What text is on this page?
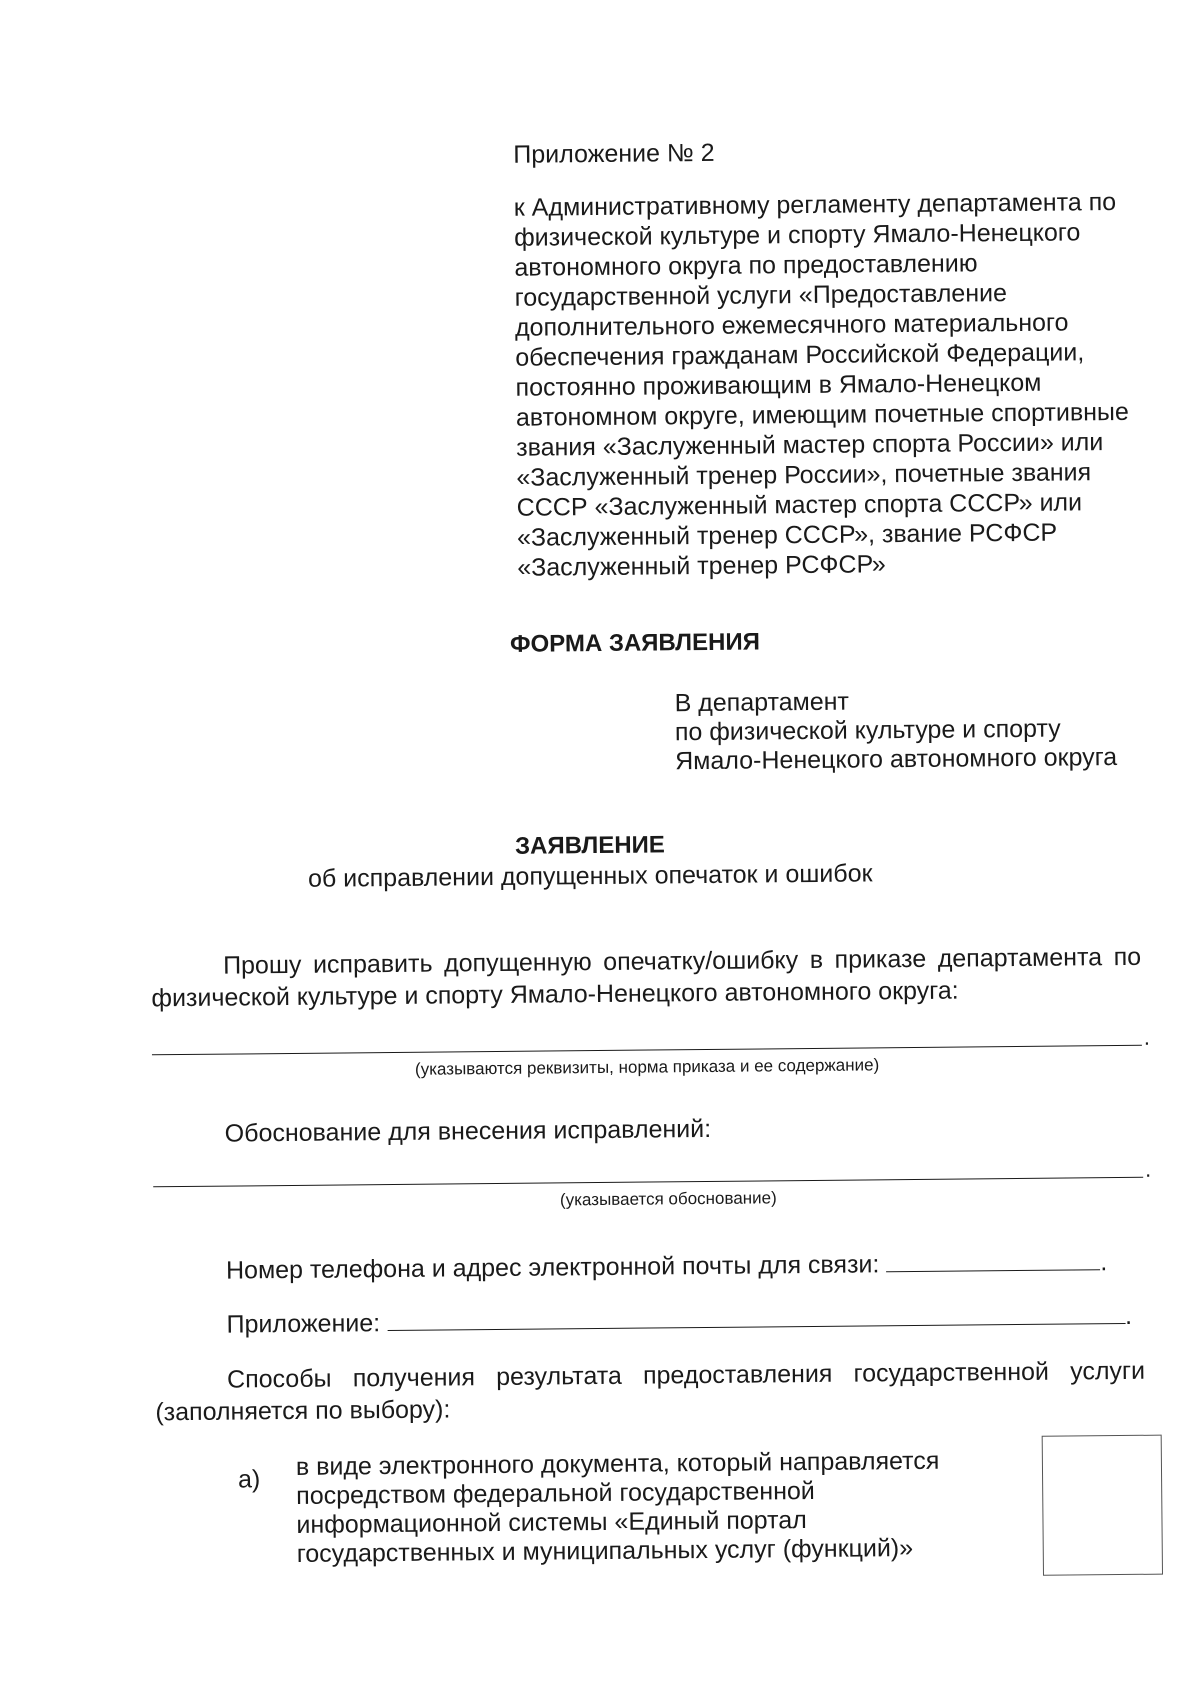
Приложение № 2
к Административному регламенту департамента по физической культуре и спорту Ямало-Ненецкого автономного округа по предоставлению государственной услуги «Предоставление дополнительного ежемесячного материального обеспечения гражданам Российской Федерации, постоянно проживающим в Ямало-Ненецком автономном округе, имеющим почетные спортивные звания «Заслуженный мастер спорта России» или «Заслуженный тренер России», почетные звания СССР «Заслуженный мастер спорта СССР» или «Заслуженный тренер СССР», звание РСФСР «Заслуженный тренер РСФСР»
ФОРМА ЗАЯВЛЕНИЯ
В департамент
по физической культуре и спорту
Ямало-Ненецкого автономного округа
ЗАЯВЛЕНИЕ
об исправлении допущенных опечаток и ошибок
Прошу исправить допущенную опечатку/ошибку в приказе департамента по физической культуре и спорту Ямало-Ненецкого автономного округа:
.
(указываются реквизиты, норма приказа и ее содержание)
Обоснование для внесения исправлений:
.
(указывается обоснование)
Номер телефона и адрес электронной почты для связи:	.
Приложение:	.
Способы получения результата предоставления государственной услуги (заполняется по выбору):
а) в виде электронного документа, который направляется посредством федеральной государственной информационной системы «Единый портал государственных и муниципальных услуг (функций)»
